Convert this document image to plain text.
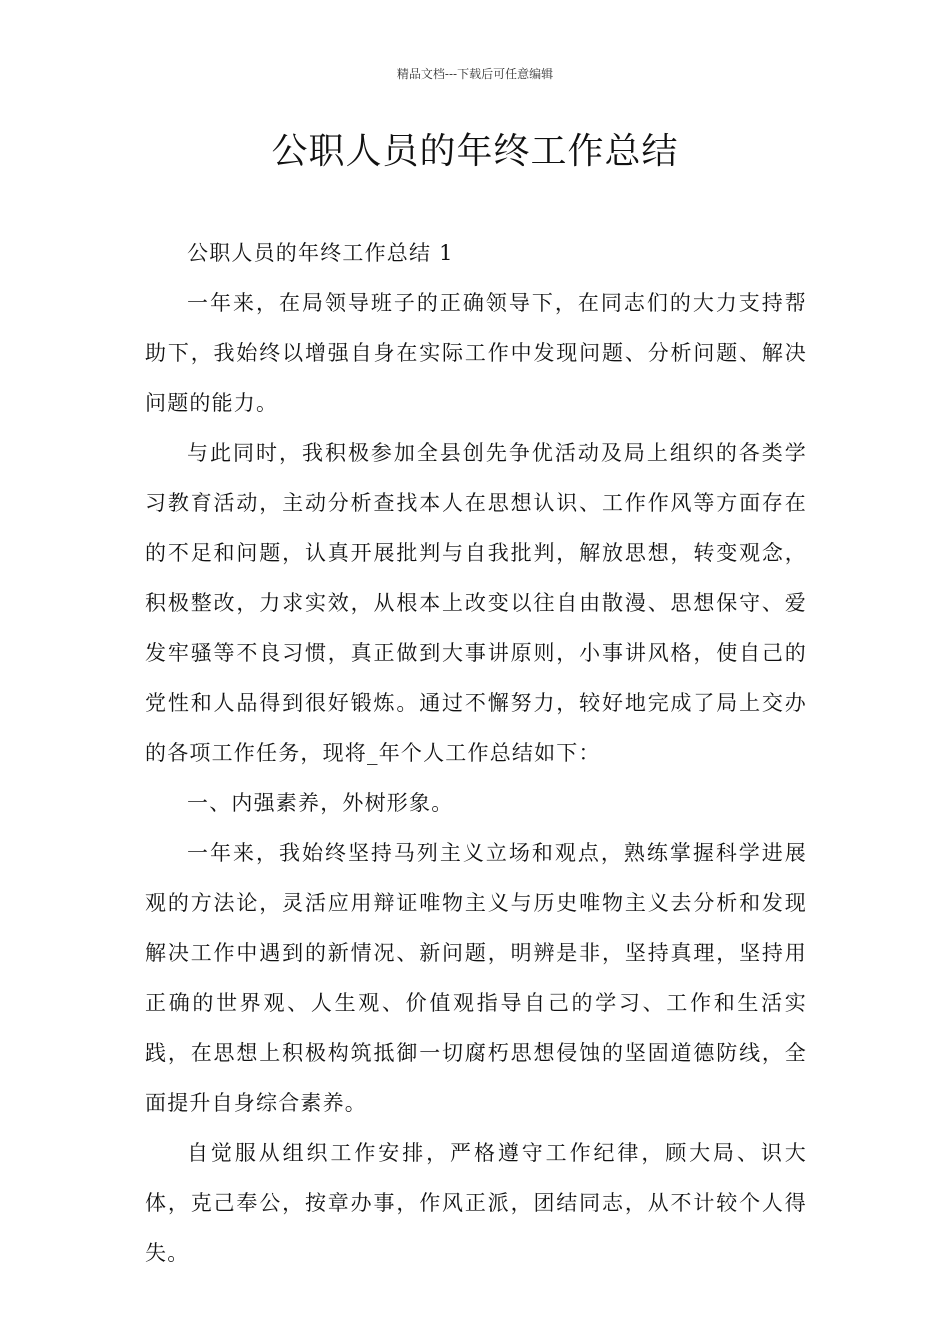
精品文档---下载后可任意编辑
公职人员的年终工作总结

公职人员的年终工作总结 1

一年来，在局领导班子的正确领导下，在同志们的大力支持帮助下，我始终以增强自身在实际工作中发现问题、分析问题、解决问题的能力。

与此同时，我积极参加全县创先争优活动及局上组织的各类学习教育活动，主动分析查找本人在思想认识、工作作风等方面存在的不足和问题，认真开展批判与自我批判，解放思想，转变观念，积极整改，力求实效，从根本上改变以往自由散漫、思想保守、爱发牢骚等不良习惯，真正做到大事讲原则，小事讲风格，使自己的党性和人品得到很好锻炼。通过不懈努力，较好地完成了局上交办的各项工作任务，现将_年个人工作总结如下：

一、内强素养，外树形象。

一年来，我始终坚持马列主义立场和观点，熟练掌握科学进展观的方法论，灵活应用辩证唯物主义与历史唯物主义去分析和发现解决工作中遇到的新情况、新问题，明辨是非，坚持真理，坚持用正确的世界观、人生观、价值观指导自己的学习、工作和生活实践，在思想上积极构筑抵御一切腐朽思想侵蚀的坚固道德防线，全面提升自身综合素养。

自觉服从组织工作安排，严格遵守工作纪律，顾大局、识大体，克己奉公，按章办事，作风正派，团结同志，从不计较个人得失。
